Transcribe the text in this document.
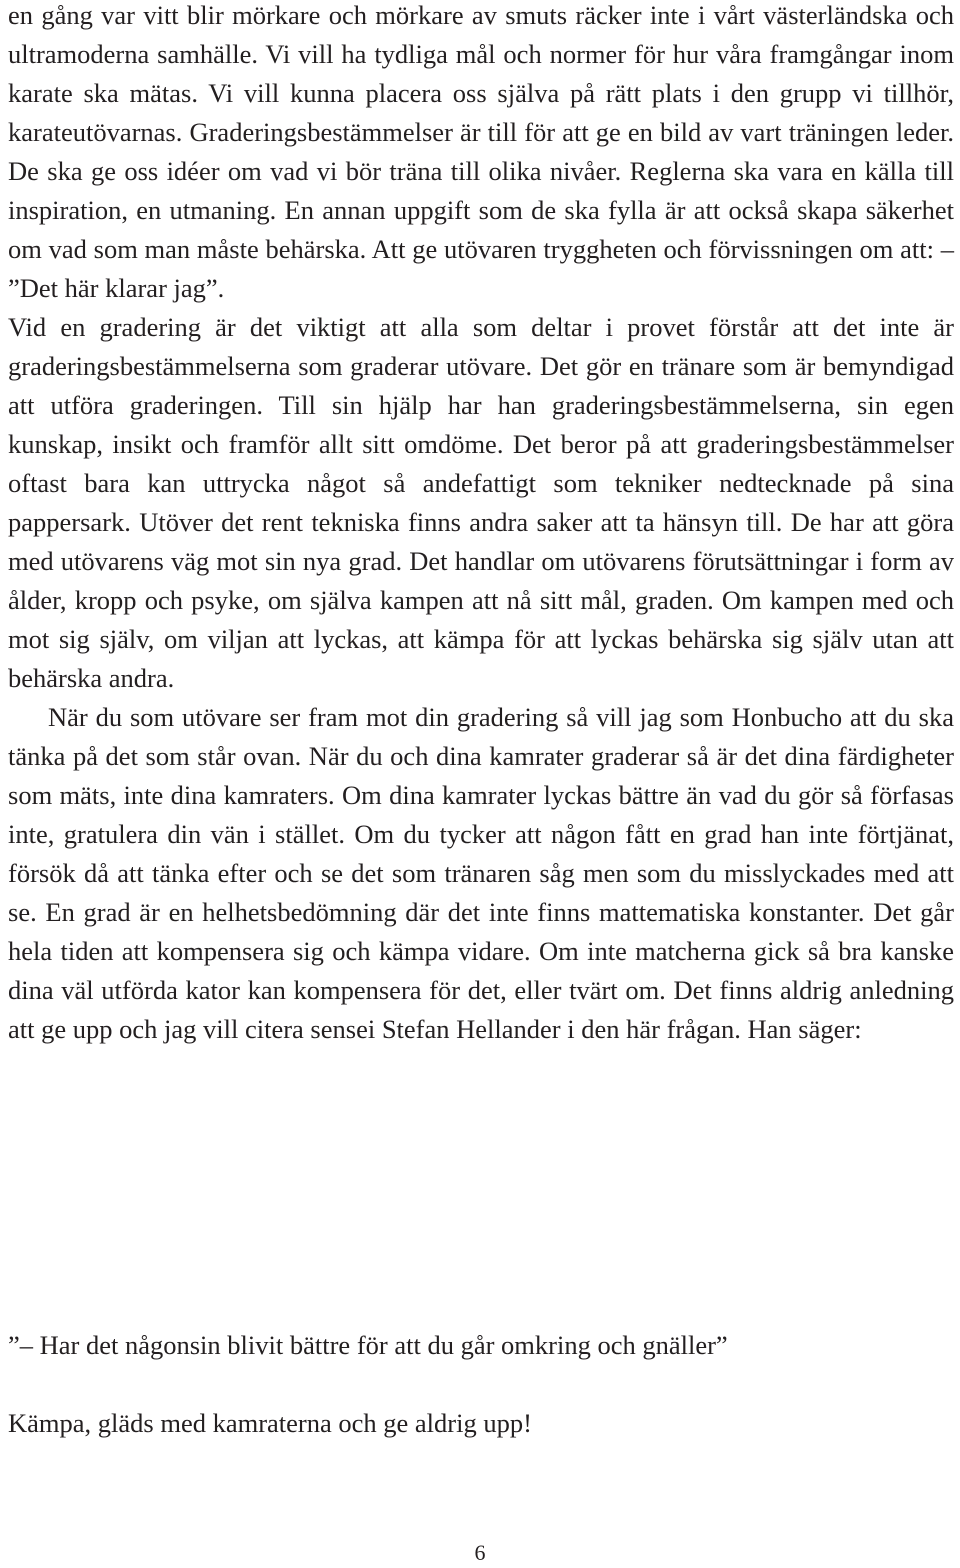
en gång var vitt blir mörkare och mörkare av smuts räcker inte i vårt västerländska och ultramoderna samhälle. Vi vill ha tydliga mål och normer för hur våra framgångar inom karate ska mätas. Vi vill kunna placera oss själva på rätt plats i den grupp vi tillhör, karateutövarnas. Graderingsbestämmelser är till för att ge en bild av vart träningen leder. De ska ge oss idéer om vad vi bör träna till olika nivåer. Reglerna ska vara en källa till inspiration, en utmaning. En annan uppgift som de ska fylla är att också skapa säkerhet om vad som man måste behärska. Att ge utövaren tryggheten och förvissningen om att: – ”Det här klarar jag”.

Vid en gradering är det viktigt att alla som deltar i provet förstår att det inte är graderingsbestämmelserna som graderar utövare. Det gör en tränare som är bemyndigad att utföra graderingen. Till sin hjälp har han graderingsbestämmelserna, sin egen kunskap, insikt och framför allt sitt omdöme. Det beror på att graderingsbestämmelser oftast bara kan uttrycka något så andefattigt som tekniker nedtecknade på sina pappersark. Utöver det rent tekniska finns andra saker att ta hänsyn till. De har att göra med utövarens väg mot sin nya grad. Det handlar om utövarens förutsättningar i form av ålder, kropp och psyke, om själva kampen att nå sitt mål, graden. Om kampen med och mot sig själv, om viljan att lyckas, att kämpa för att lyckas behärska sig själv utan att behärska andra.

När du som utövare ser fram mot din gradering så vill jag som Honbucho att du ska tänka på det som står ovan. När du och dina kamrater graderar så är det dina färdigheter som mäts, inte dina kamraters. Om dina kamrater lyckas bättre än vad du gör så förfasas inte, gratulera din vän i stället. Om du tycker att någon fått en grad han inte förtjänat, försök då att tänka efter och se det som tränaren såg men som du misslyckades med att se. En grad är en helhetsbedömning där det inte finns mattematiska konstanter. Det går hela tiden att kompensera sig och kämpa vidare. Om inte matcherna gick så bra kanske dina väl utförda kator kan kompensera för det, eller tvärt om. Det finns aldrig anledning att ge upp och jag vill citera sensei Stefan Hellander i den här frågan. Han säger:

”– Har det någonsin blivit bättre för att du går omkring och gnäller”

Kämpa, gläds med kamraterna och ge aldrig upp!

6
